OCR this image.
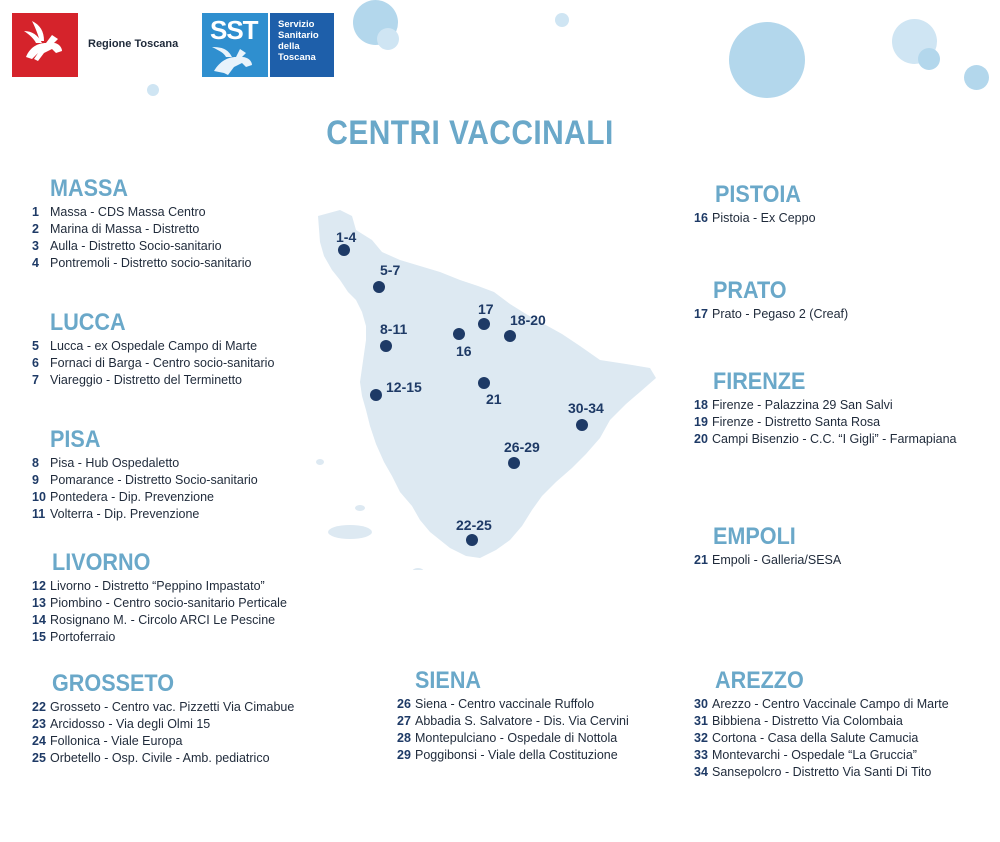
Regione Toscana SST Servizio
Sanitario
della
Toscana
CENTRI VACCINALI
1-4
5-7
8-11
12-15
16
17
18-20
21
22-25
26-29
30-34
MASSA
1 Massa - CDS Massa Centro
2 Marina di Massa - Distretto
3 Aulla - Distretto Socio-sanitario
4 Pontremoli - Distretto socio-sanitario
LUCCA
5 Lucca - ex Ospedale Campo di Marte
6 Fornaci di Barga - Centro socio-sanitario
7 Viareggio - Distretto del Terminetto
PISA
8 Pisa - Hub Ospedaletto
9 Pomarance - Distretto Socio-sanitario
10 Pontedera - Dip. Prevenzione
11 Volterra - Dip. Prevenzione
LIVORNO
12 Livorno - Distretto “Peppino Impastato”
13 Piombino - Centro socio-sanitario Perticale
14 Rosignano M. - Circolo ARCI Le Pescine
15 Portoferraio
GROSSETO
22 Grosseto - Centro vac. Pizzetti Via Cimabue
23 Arcidosso - Via degli Olmi 15
24 Follonica - Viale Europa
25 Orbetello - Osp. Civile - Amb. pediatrico
SIENA
26 Siena - Centro vaccinale Ruffolo
27 Abbadia S. Salvatore - Dis. Via Cervini
28 Montepulciano - Ospedale di Nottola
29 Poggibonsi - Viale della Costituzione
PISTOIA
16 Pistoia - Ex Ceppo
PRATO
17 Prato - Pegaso 2 (Creaf)
FIRENZE
18 Firenze - Palazzina 29 San Salvi
19 Firenze - Distretto Santa Rosa
20 Campi Bisenzio - C.C. “I Gigli” - Farmapiana
EMPOLI
21 Empoli - Galleria/SESA
AREZZO
30 Arezzo - Centro Vaccinale Campo di Marte
31 Bibbiena - Distretto Via Colombaia
32 Cortona - Casa della Salute Camucia
33 Montevarchi - Ospedale “La Gruccia”
34 Sansepolcro - Distretto Via Santi Di Tito
